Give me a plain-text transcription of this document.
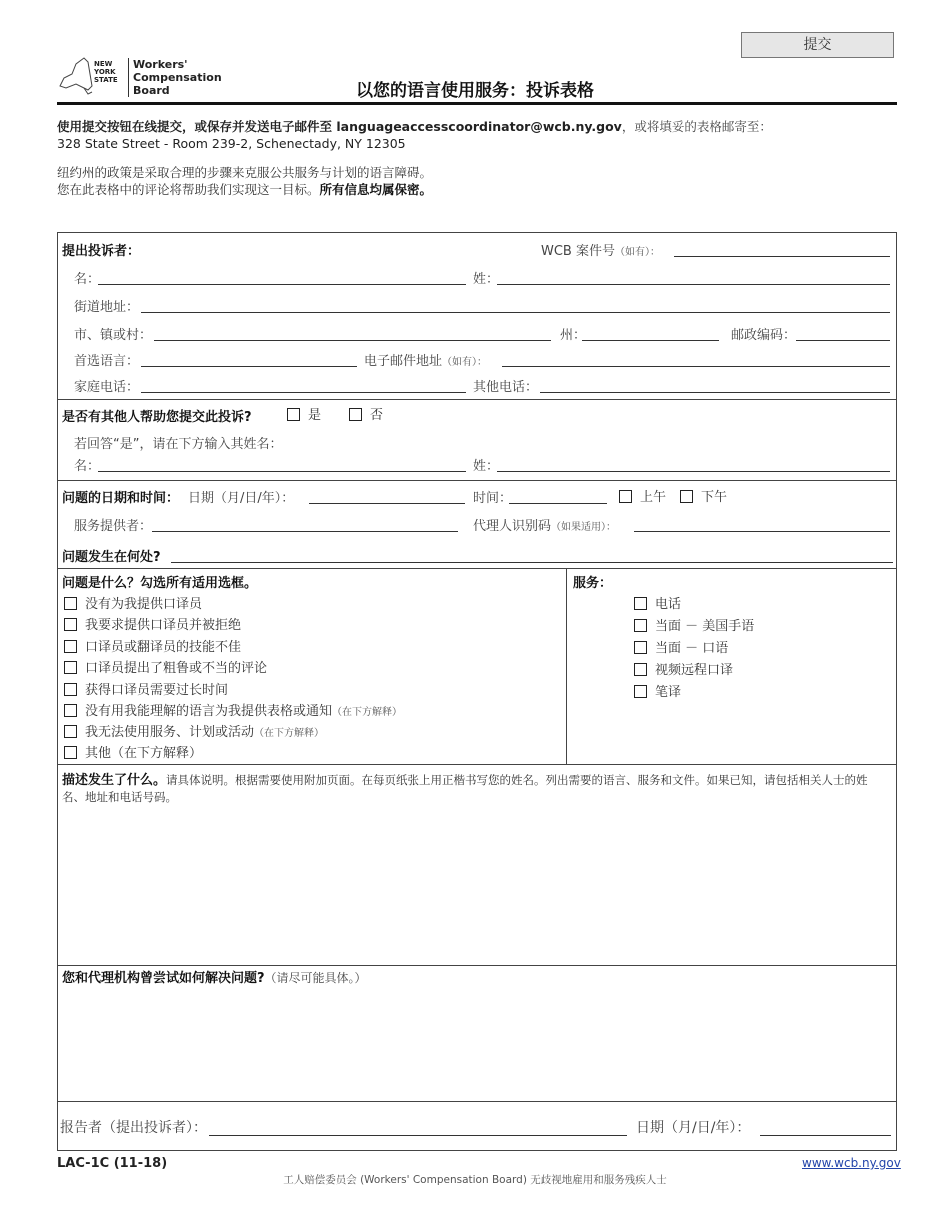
提交
NEW
YORK
STATE
Workers'
Compensation
Board	以您的语言使用服务：投诉表格
使用提交按钮在线提交，或保存并发送电子邮件至 languageaccesscoordinator@wcb.ny.gov，或将填妥的表格邮寄至：
328 State Street - Room 239-2, Schenectady, NY 12305
纽约州的政策是采取合理的步骤来克服公共服务与计划的语言障碍。
您在此表格中的评论将帮助我们实现这一目标。所有信息均属保密。
提出投诉者：	WCB 案件号（如有）：
名：	姓：
街道地址：
市、镇或村：	州：	邮政编码：
首选语言：	电子邮件地址（如有）：
家庭电话：	其他电话：
是否有其他人帮助您提交此投诉?	是	否
若回答“是”，请在下方输入其姓名：
名：	姓：
问题的日期和时间： 日期（月/日/年）：	时间：	上午	下午
服务提供者：	代理人识别码（如果适用）：
问题发生在何处?
问题是什么？勾选所有适用选框。
没有为我提供口译员
我要求提供口译员并被拒绝
口译员或翻译员的技能不佳
口译员提出了粗鲁或不当的评论
获得口译员需要过长时间
没有用我能理解的语言为我提供表格或通知（在下方解释）
我无法使用服务、计划或活动（在下方解释）
其他（在下方解释）
服务：
电话
当面 － 美国手语
当面 － 口语
视频远程口译
笔译
描述发生了什么。请具体说明。根据需要使用附加页面。在每页纸张上用正楷书写您的姓名。列出需要的语言、服务和文件。如果已知，请包括相关人士的姓名、地址和电话号码。
您和代理机构曾尝试如何解决问题?（请尽可能具体。）
报告者（提出投诉者）：	日期（月/日/年）：
LAC-1C (11-18)
工人赔偿委员会 (Workers' Compensation Board) 无歧视地雇用和服务残疾人士
www.wcb.ny.gov
